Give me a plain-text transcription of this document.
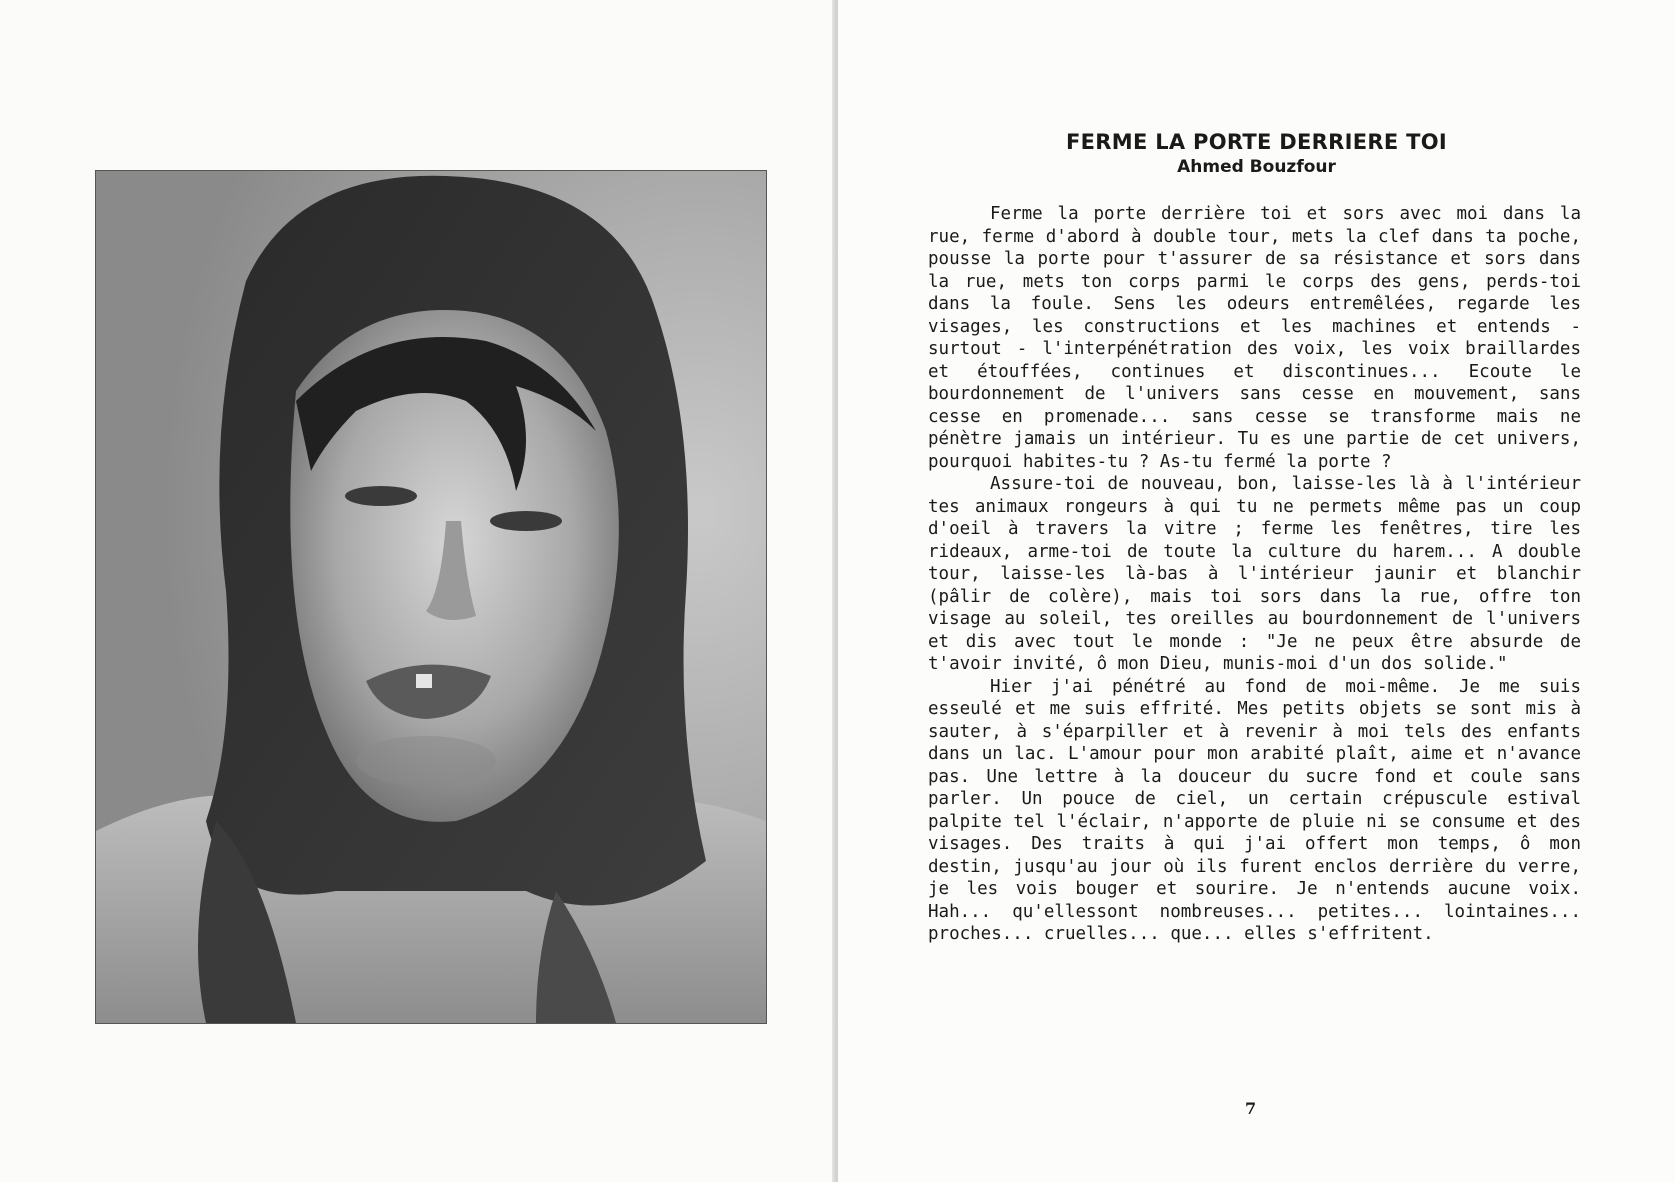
FERME LA PORTE DERRIERE TOI
Ahmed Bouzfour

Ferme la porte derrière toi et sors avec moi dans la rue, ferme d'abord à double tour, mets la clef dans ta poche, pousse la porte pour t'assurer de sa résistance et sors dans la rue, mets ton corps parmi le corps des gens, perds-toi dans la foule. Sens les odeurs entremêlées, regarde les visages, les constructions et les machines et entends - surtout - l'interpénétration des voix, les voix braillardes et étouffées, continues et discontinues... Ecoute le bourdonnement de l'univers sans cesse en mouvement, sans cesse en promenade... sans cesse se transforme mais ne pénètre jamais un intérieur. Tu es une partie de cet univers, pourquoi habites-tu ? As-tu fermé la porte ?

Assure-toi de nouveau, bon, laisse-les là à l'intérieur tes animaux rongeurs à qui tu ne permets même pas un coup d'oeil à travers la vitre ; ferme les fenêtres, tire les rideaux, arme-toi de toute la culture du harem... A double tour, laisse-les là-bas à l'intérieur jaunir et blanchir (pâlir de colère), mais toi sors dans la rue, offre ton visage au soleil, tes oreilles au bourdonnement de l'univers et dis avec tout le monde : "Je ne peux être absurde de t'avoir invité, ô mon Dieu, munis-moi d'un dos solide."

Hier j'ai pénétré au fond de moi-même. Je me suis esseulé et me suis effrité. Mes petits objets se sont mis à sauter, à s'éparpiller et à revenir à moi tels des enfants dans un lac. L'amour pour mon arabité plaît, aime et n'avance pas. Une lettre à la douceur du sucre fond et coule sans parler. Un pouce de ciel, un certain crépuscule estival palpite tel l'éclair, n'apporte de pluie ni se consume et des visages. Des traits à qui j'ai offert mon temps, ô mon destin, jusqu'au jour où ils furent enclos derrière du verre, je les vois bouger et sourire. Je n'entends aucune voix. Hah... qu'ellessont nombreuses... petites... lointaines... proches... cruelles... que... elles s'effritent.

7
